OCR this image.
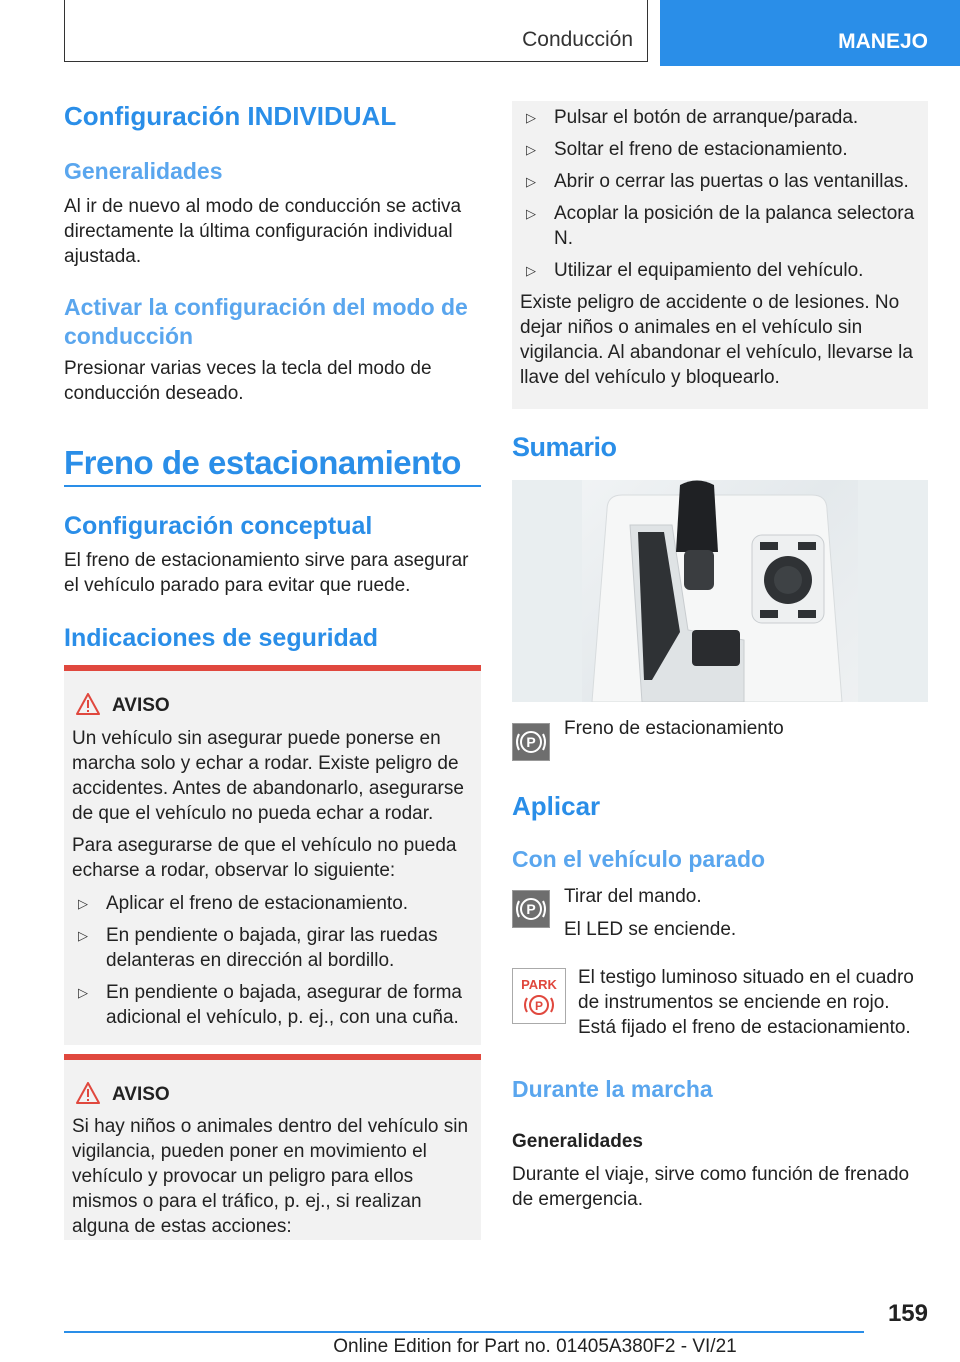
Conducción	MANEJO
Configuración INDIVIDUAL
Generalidades

Al ir de nuevo al modo de conducción se activa directamente la última configuración individual ajustada.

Activar la configuración del modo de conducción

Presionar varias veces la tecla del modo de conducción deseado.

Freno de estacionamiento
Configuración conceptual

El freno de estacionamiento sirve para asegurar el vehículo parado para evitar que ruede.

Indicaciones de seguridad
AVISO

Un vehículo sin asegurar puede ponerse en marcha solo y echar a rodar. Existe peligro de accidentes. Antes de abandonarlo, asegurarse de que el vehículo no pueda echar a rodar.

Para asegurarse de que el vehículo no pueda echarse a rodar, observar lo siguiente:

▷ Aplicar el freno de estacionamiento.
▷ En pendiente o bajada, girar las ruedas delanteras en dirección al bordillo.
▷ En pendiente o bajada, asegurar de forma adicional el vehículo, p. ej., con una cuña.
AVISO

Si hay niños o animales dentro del vehículo sin vigilancia, pueden poner en movimiento el vehículo y provocar un peligro para ellos mismos o para el tráfico, p. ej., si realizan alguna de estas acciones:

▷ Pulsar el botón de arranque/parada.
▷ Soltar el freno de estacionamiento.
▷ Abrir o cerrar las puertas o las ventanillas.
▷ Acoplar la posición de la palanca selectora N.
▷ Utilizar el equipamiento del vehículo.

Existe peligro de accidente o de lesiones. No dejar niños o animales en el vehículo sin vigilancia. Al abandonar el vehículo, llevarse la llave del vehículo y bloquearlo.

Sumario
P

Freno de estacionamiento

Aplicar
Con el vehículo parado
P

Tirar del mando.

El LED se enciende.

PARK
P

El testigo luminoso situado en el cuadro de instrumentos se enciende en rojo. Está fijado el freno de estacionamiento.

Durante la marcha
Generalidades

Durante el viaje, sirve como función de frenado de emergencia.

159
Online Edition for Part no. 01405A380F2 - VI/21
